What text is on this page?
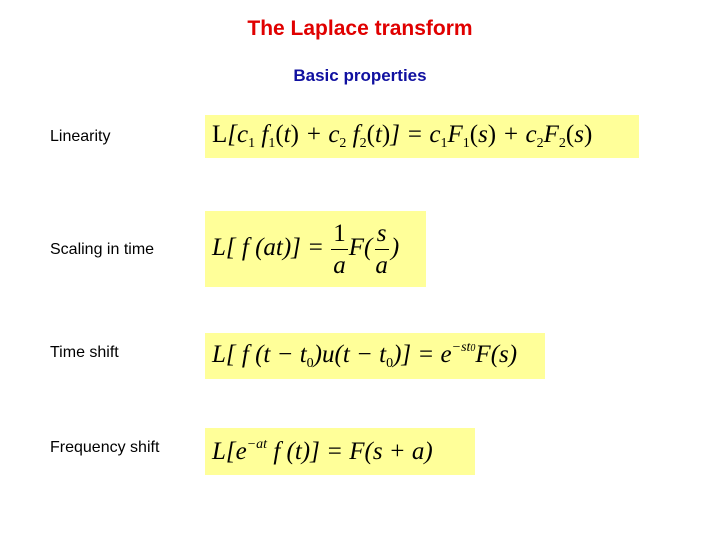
The Laplace transform
Basic properties
Linearity	$L[c_1$ $f_1(t) + c_2$ $f_2(t)] = c_1F_1(s) + c_2F_2(s)$
Scaling in time L[ f $(at)] = \frac{1}{a} F( \frac{s}{a}$ )
Time shift	L[ f $(t - t_0)u(t - t_0)] = e^{-st0}F(s)$
Frequency shift $L[e^{-at}$ f (t)] = F(s + a)
